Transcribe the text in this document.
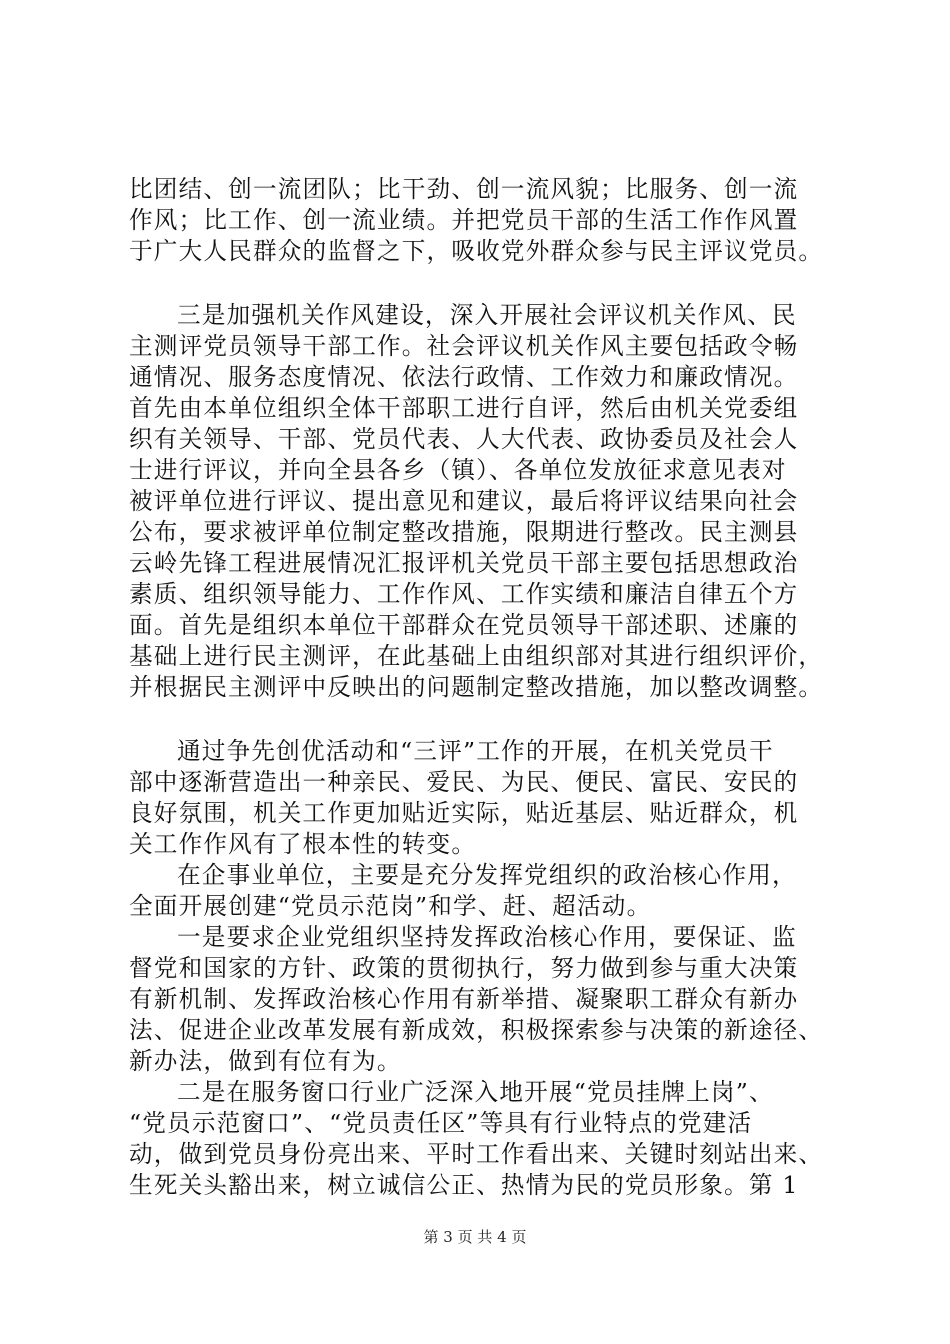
比团结、创一流团队；比干劲、创一流风貌；比服务、创一流
作风；比工作、创一流业绩。并把党员干部的生活工作作风置
于广大人民群众的监督之下，吸收党外群众参与民主评议党员。
三是加强机关作风建设，深入开展社会评议机关作风、民
主测评党员领导干部工作。社会评议机关作风主要包括政令畅
通情况、服务态度情况、依法行政情、工作效力和廉政情况。
首先由本单位组织全体干部职工进行自评，然后由机关党委组
织有关领导、干部、党员代表、人大代表、政协委员及社会人
士进行评议，并向全县各乡（镇）、各单位发放征求意见表对
被评单位进行评议、提出意见和建议，最后将评议结果向社会
公布，要求被评单位制定整改措施，限期进行整改。民主测县
云岭先锋工程进展情况汇报评机关党员干部主要包括思想政治
素质、组织领导能力、工作作风、工作实绩和廉洁自律五个方
面。首先是组织本单位干部群众在党员领导干部述职、述廉的
基础上进行民主测评，在此基础上由组织部对其进行组织评价，
并根据民主测评中反映出的问题制定整改措施，加以整改调整。
通过争先创优活动和“三评”工作的开展，在机关党员干
部中逐渐营造出一种亲民、爱民、为民、便民、富民、安民的
良好氛围，机关工作更加贴近实际，贴近基层、贴近群众，机
关工作作风有了根本性的转变。
在企事业单位，主要是充分发挥党组织的政治核心作用，
全面开展创建“党员示范岗”和学、赶、超活动。
一是要求企业党组织坚持发挥政治核心作用，要保证、监
督党和国家的方针、政策的贯彻执行，努力做到参与重大决策
有新机制、发挥政治核心作用有新举措、凝聚职工群众有新办
法、促进企业改革发展有新成效，积极探索参与决策的新途径、
新办法，做到有位有为。
二是在服务窗口行业广泛深入地开展“党员挂牌上岗”、
“党员示范窗口”、“党员责任区”等具有行业特点的党建活
动，做到党员身份亮出来、平时工作看出来、关键时刻站出来、
生死关头豁出来，树立诚信公正、热情为民的党员形象。第 1
第 3 页 共 4 页
